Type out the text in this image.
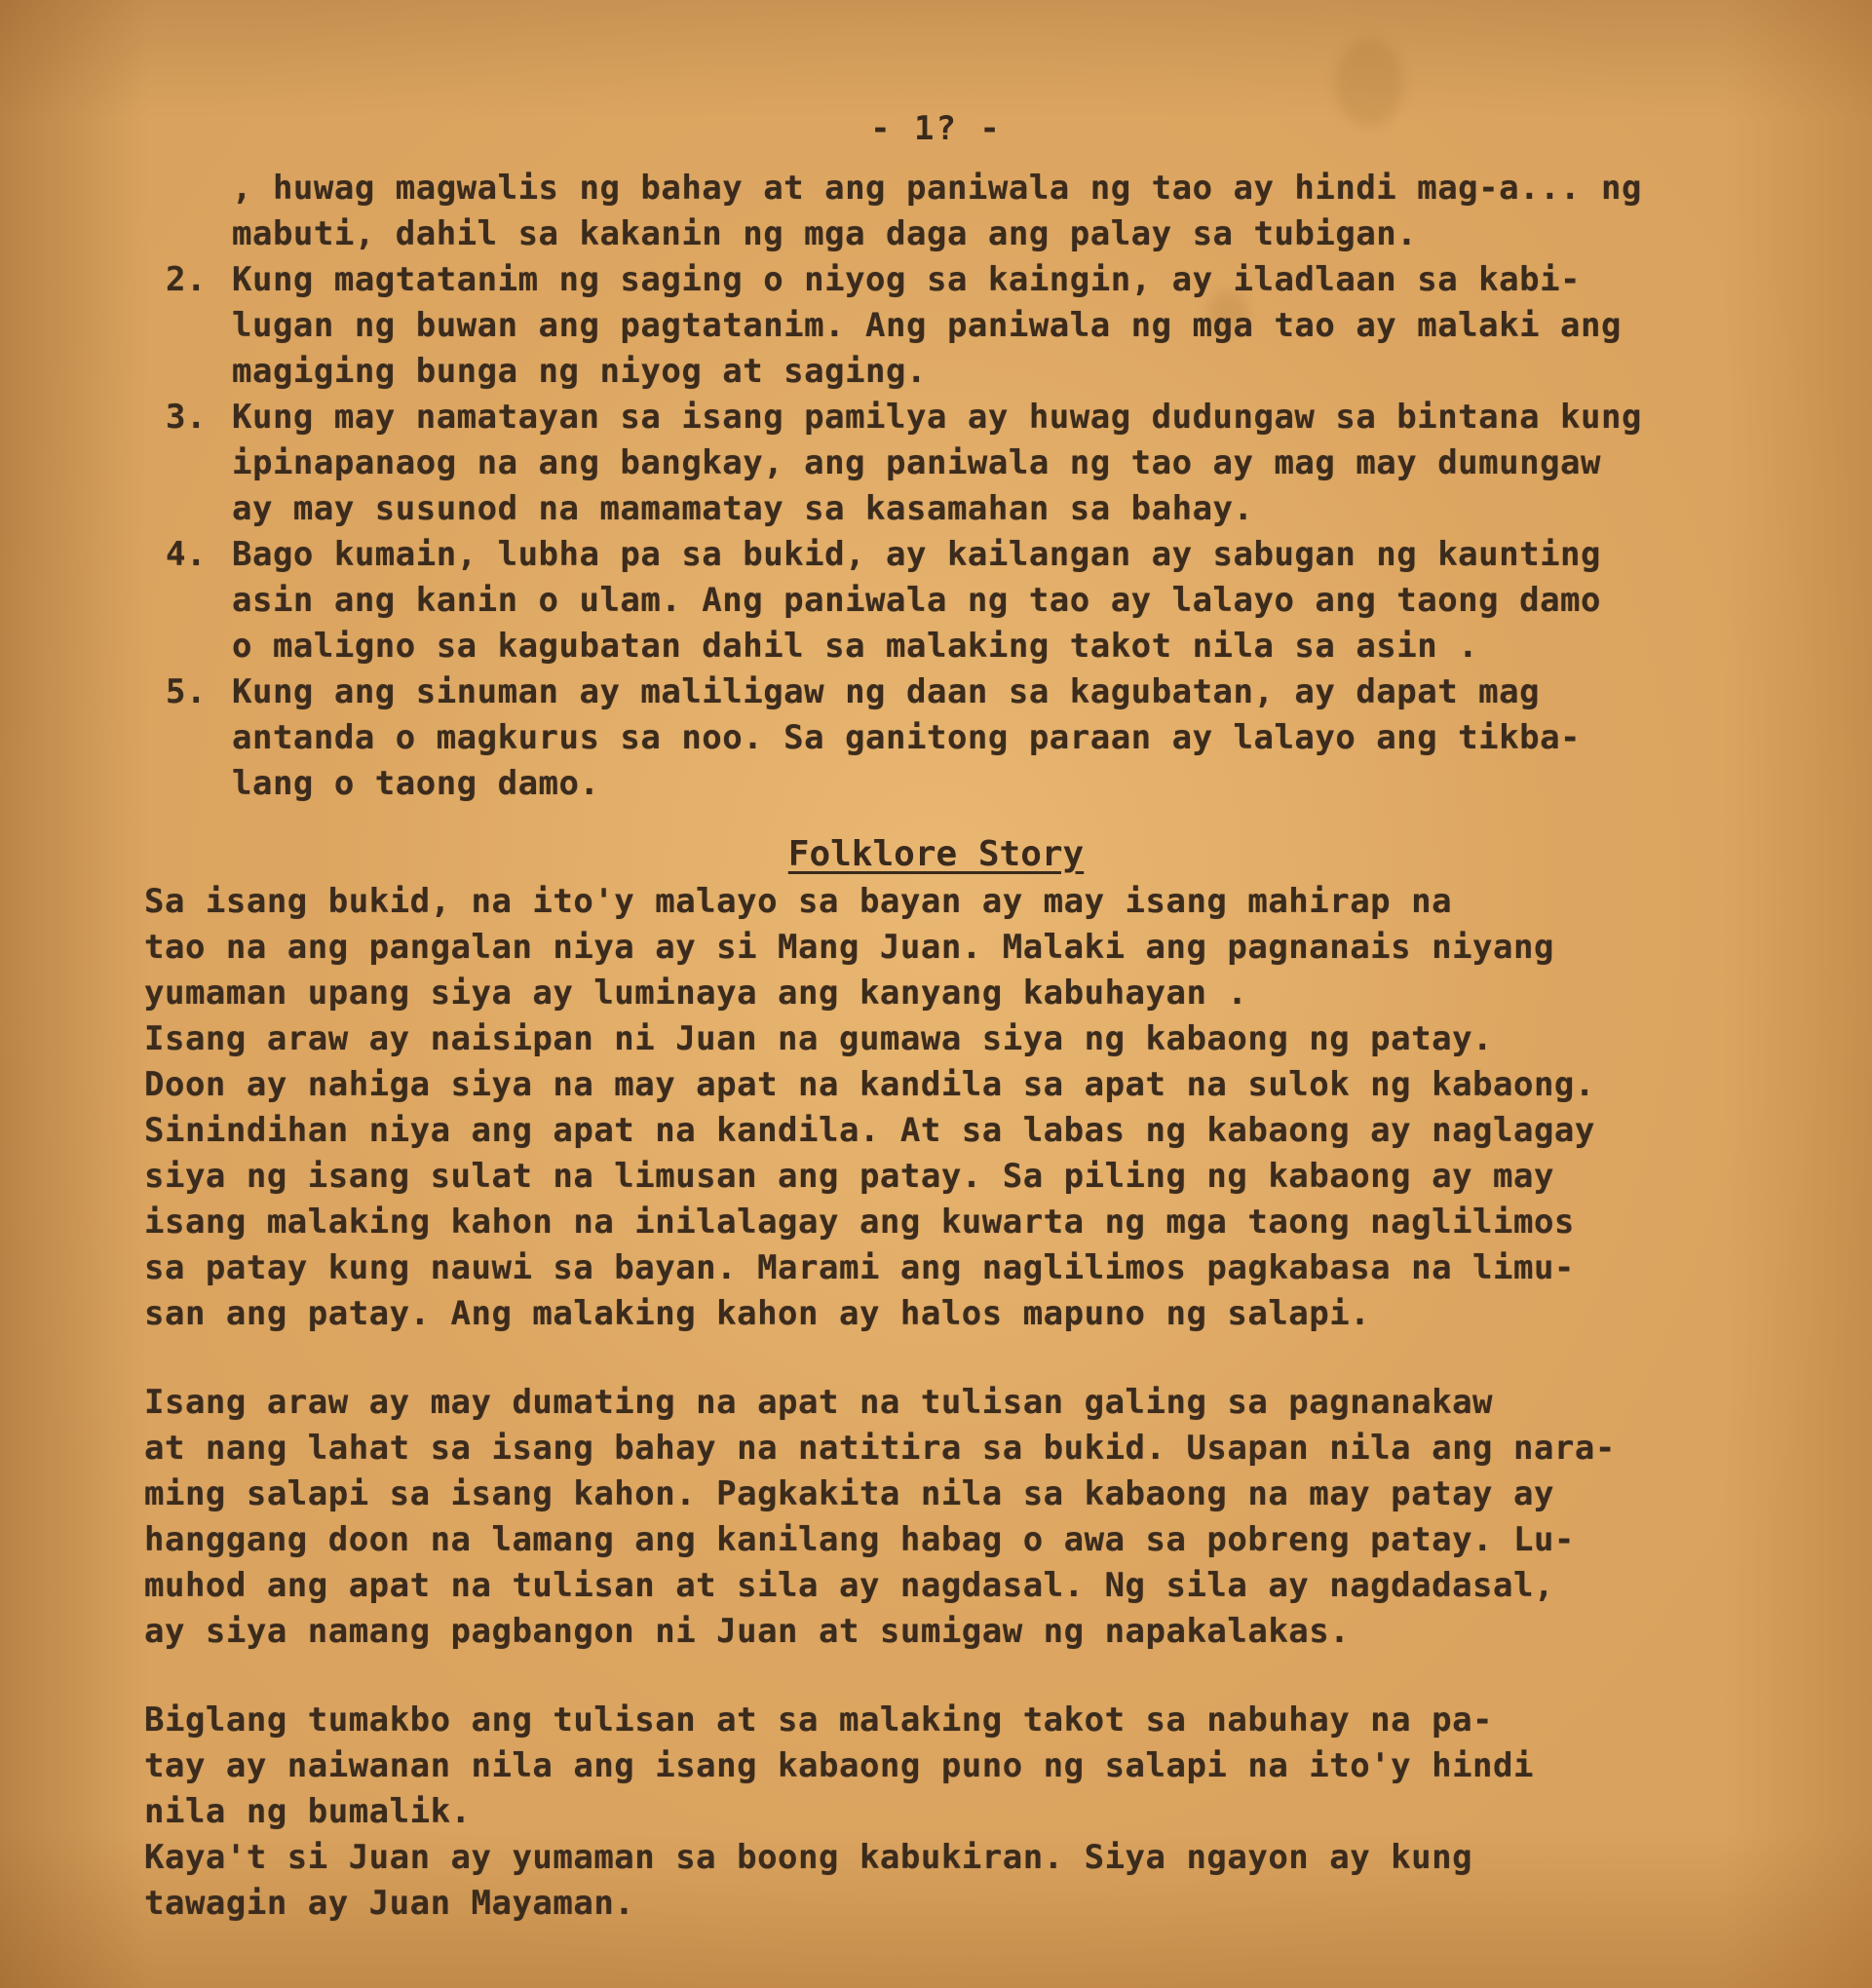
- 1? -
, huwag magwalis ng bahay at ang paniwala ng tao ay hindi mag-a... ng
mabuti, dahil sa kakanin ng mga daga ang palay sa tubigan.
2. Kung magtatanim ng saging o niyog sa kaingin, ay iladlaan sa kabi-
lugan ng buwan ang pagtatanim. Ang paniwala ng mga tao ay malaki ang
magiging bunga ng niyog at saging.
3. Kung may namatayan sa isang pamilya ay huwag dudungaw sa bintana kung
ipinapanaog na ang bangkay, ang paniwala ng tao ay mag may dumungaw
ay may susunod na mamamatay sa kasamahan sa bahay.
4. Bago kumain, lubha pa sa bukid, ay kailangan ay sabugan ng kaunting
asin ang kanin o ulam. Ang paniwala ng tao ay lalayo ang taong damo
o maligno sa kagubatan dahil sa malaking takot nila sa asin .
5. Kung ang sinuman ay maliligaw ng daan sa kagubatan, ay dapat mag
antanda o magkurus sa noo. Sa ganitong paraan ay lalayo ang tikba-
lang o taong damo.
Folklore Story

Sa isang bukid, na ito'y malayo sa bayan ay may isang mahirap na
tao na ang pangalan niya ay si Mang Juan. Malaki ang pagnanais niyang
yumaman upang siya ay luminaya ang kanyang kabuhayan .

Isang araw ay naisipan ni Juan na gumawa siya ng kabaong ng patay.
Doon ay nahiga siya na may apat na kandila sa apat na sulok ng kabaong.
Sinindihan niya ang apat na kandila. At sa labas ng kabaong ay naglagay
siya ng isang sulat na limusan ang patay. Sa piling ng kabaong ay may
isang malaking kahon na inilalagay ang kuwarta ng mga taong naglilimos
sa patay kung nauwi sa bayan. Marami ang naglilimos pagkabasa na limu-
san ang patay. Ang malaking kahon ay halos mapuno ng salapi.

Isang araw ay may dumating na apat na tulisan galing sa pagnanakaw
at nang lahat sa isang bahay na natitira sa bukid. Usapan nila ang nara-
ming salapi sa isang kahon. Pagkakita nila sa kabaong na may patay ay
hanggang doon na lamang ang kanilang habag o awa sa pobreng patay. Lu-
muhod ang apat na tulisan at sila ay nagdasal. Ng sila ay nagdadasal,
ay siya namang pagbangon ni Juan at sumigaw ng napakalakas.

Biglang tumakbo ang tulisan at sa malaking takot sa nabuhay na pa-
tay ay naiwanan nila ang isang kabaong puno ng salapi na ito'y hindi
nila ng bumalik.

Kaya't si Juan ay yumaman sa boong kabukiran. Siya ngayon ay kung
tawagin ay Juan Mayaman.
